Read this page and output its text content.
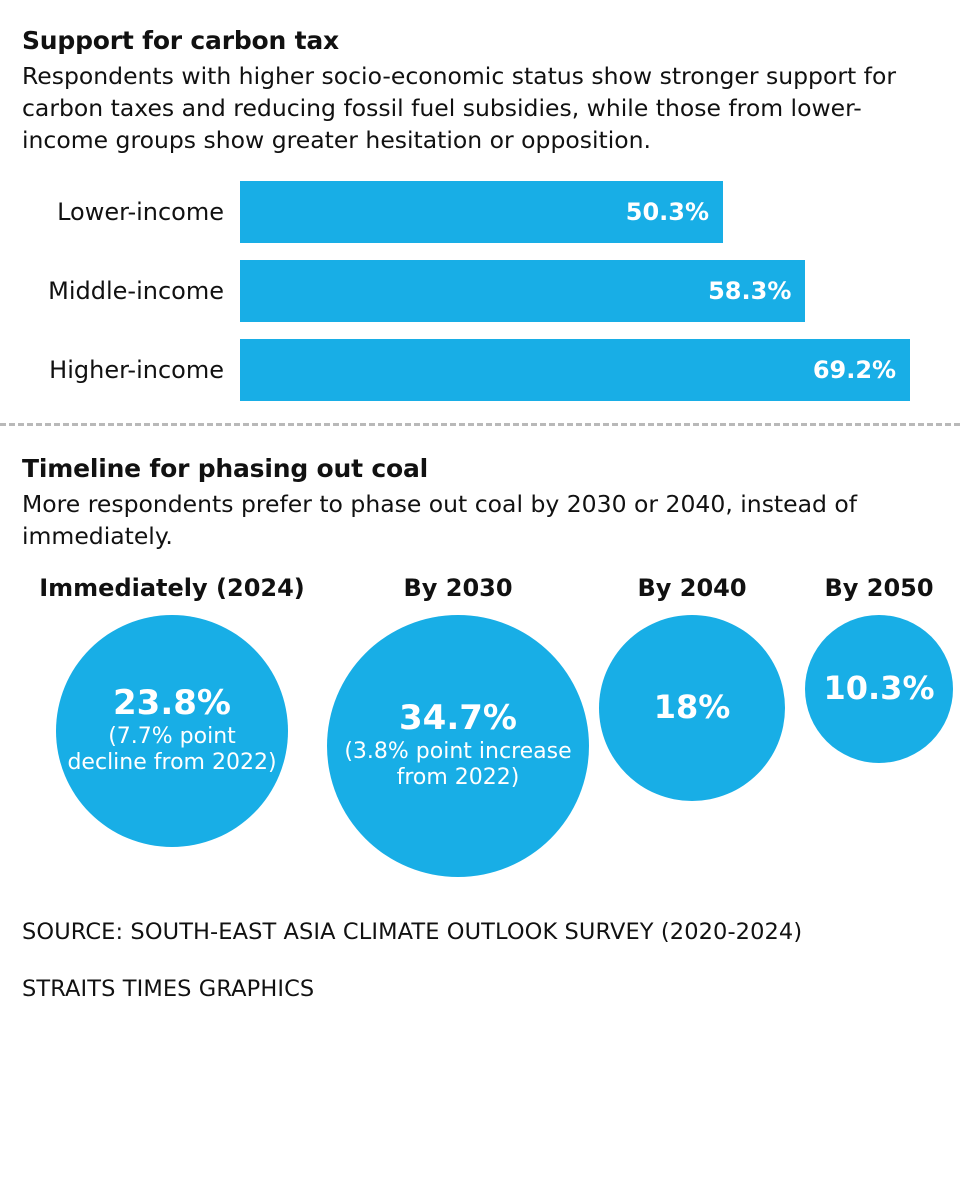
Support for carbon tax

Respondents with higher socio-economic status show stronger support for carbon taxes and reducing fossil fuel subsidies, while those from lower-income groups show greater hesitation or opposition.

Lower-income	50.3%
Middle-income	58.3%
Higher-income	69.2%
Timeline for phasing out coal

More respondents prefer to phase out coal by 2030 or 2040, instead of immediately.

Immediately (2024)
23.8%
(7.7% point decline from 2022)
By 2030
34.7%
(3.8% point increase from 2022)
By 2040
18%
By 2050
10.3%

SOURCE: SOUTH-EAST ASIA CLIMATE OUTLOOK SURVEY (2020-2024)

STRAITS TIMES GRAPHICS
